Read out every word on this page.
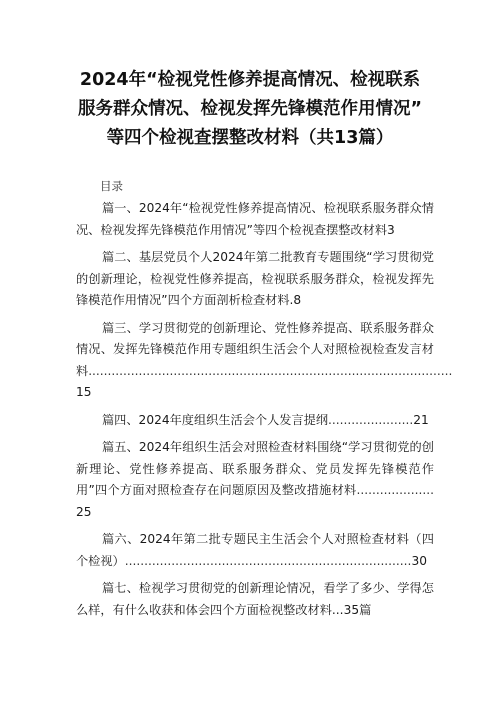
2024年“检视党性修养提高情况、检视联系
服务群众情况、检视发挥先锋模范作用情况”
等四个检视查摆整改材料（共13篇）
目录
篇一、2024年“检视党性修养提高情况、检视联系服务群众情况、检视发挥先锋模范作用情况”等四个检视查摆整改材料3
篇二、基层党员个人2024年第二批教育专题围绕“学习贯彻党的创新理论，检视党性修养提高，检视联系服务群众，检视发挥先锋模范作用情况”四个方面剖析检查材料.8
篇三、学习贯彻党的创新理论、党性修养提高、联系服务群众情况、发挥先锋模范作用专题组织生活会个人对照检视检查发言材料..............................................................................................15
篇四、2024年度组织生活会个人发言提纲......................21
篇五、2024年组织生活会对照检查材料围绕“学习贯彻党的创新理论、党性修养提高、联系服务群众、党员发挥先锋模范作用”四个方面对照检查存在问题原因及整改措施材料....................25
篇六、2024年第二批专题民主生活会个人对照检查材料（四个检视）..........................................................................30
篇七、检视学习贯彻党的创新理论情况，看学了多少、学得怎么样，有什么收获和体会四个方面检视整改材料...35篇
